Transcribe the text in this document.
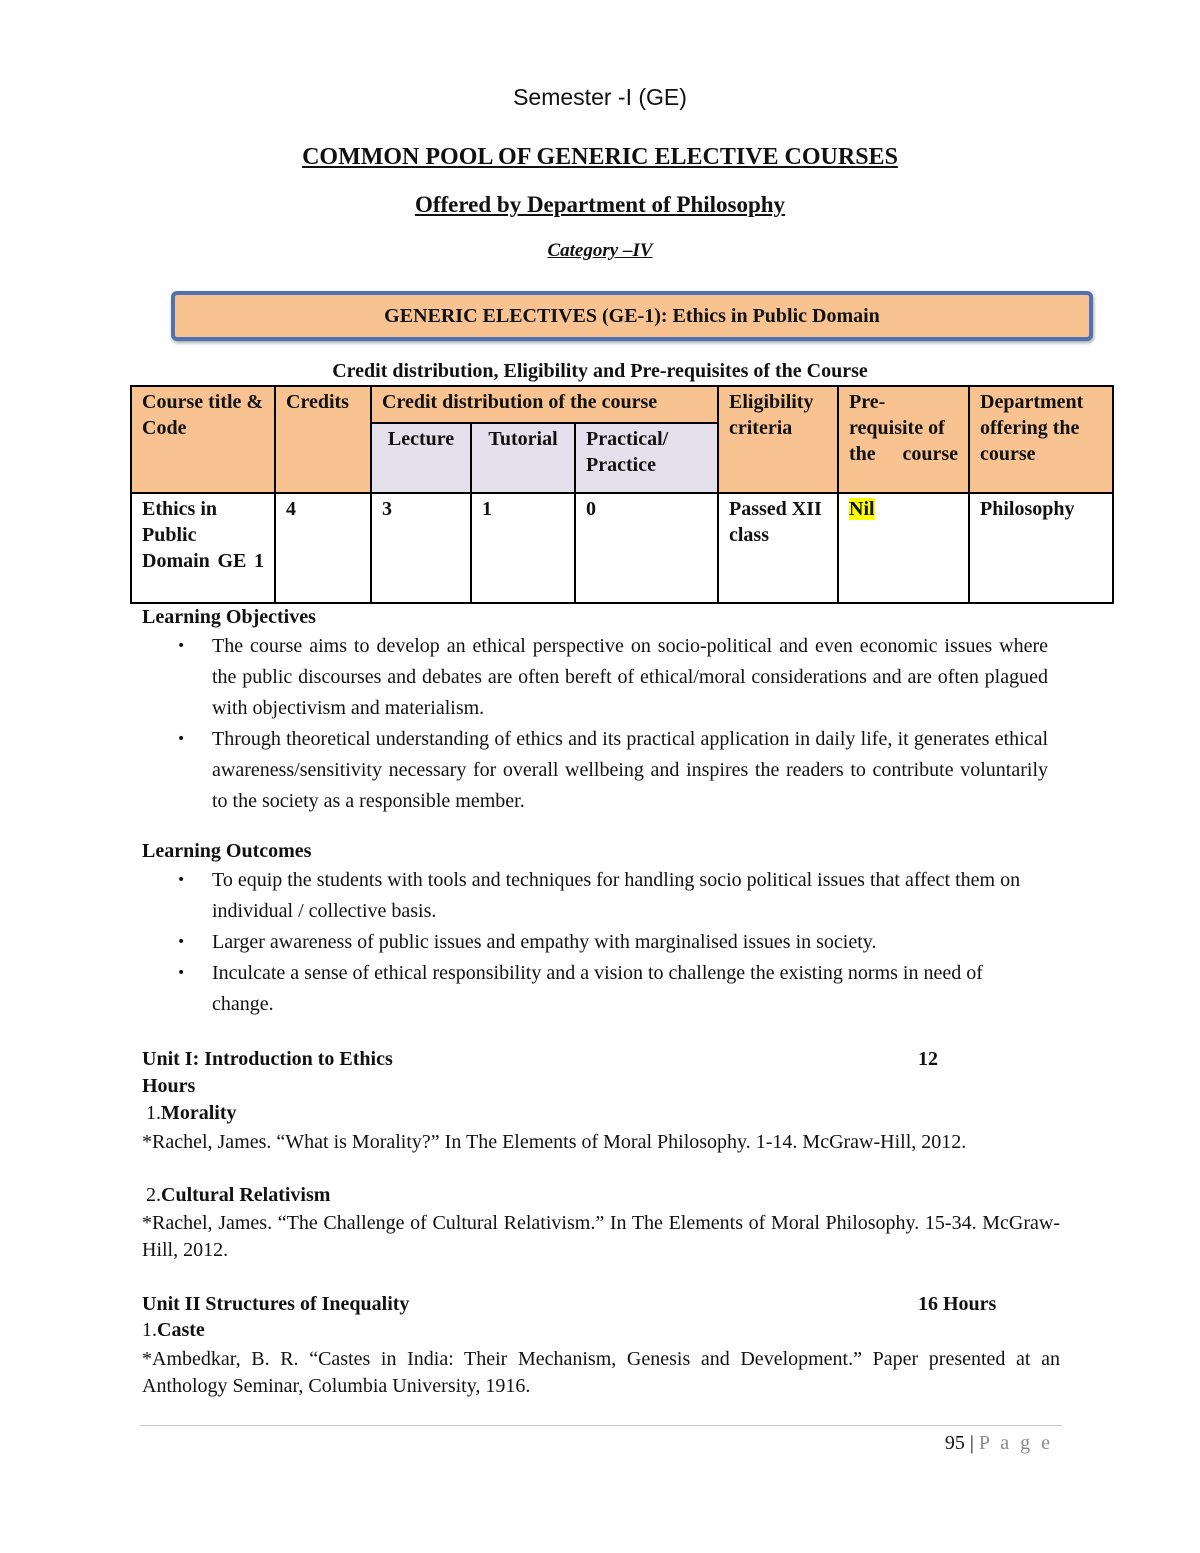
Semester -I (GE)
COMMON POOL OF GENERIC ELECTIVE COURSES
Offered by Department of Philosophy
Category –IV
GENERIC ELECTIVES (GE-1): Ethics in Public Domain
Credit distribution, Eligibility and Pre-requisites of the Course
Course title & Code	Credits	Credit distribution of the course			Eligibility criteria	Pre-requisite of the course	Department offering the course
		Lecture	Tutorial	Practical/ Practice			
Ethics in Public Domain GE 1	4	3	1	0	Passed XII class	Nil	Philosophy
Learning Objectives
• The course aims to develop an ethical perspective on socio-political and even economic issues where the public discourses and debates are often bereft of ethical/moral considerations and are often plagued with objectivism and materialism.
• Through theoretical understanding of ethics and its practical application in daily life, it generates ethical awareness/sensitivity necessary for overall wellbeing and inspires the readers to contribute voluntarily to the society as a responsible member.
Learning Outcomes
• To equip the students with tools and techniques for handling socio political issues that affect them on individual / collective basis.
• Larger awareness of public issues and empathy with marginalised issues in society.
• Inculcate a sense of ethical responsibility and a vision to challenge the existing norms in need of change.
Unit I: Introduction to Ethics	12
Hours
1.Morality
*Rachel, James. “What is Morality?” In The Elements of Moral Philosophy. 1-14. McGraw-Hill, 2012.
2.Cultural Relativism
*Rachel, James. “The Challenge of Cultural Relativism.” In The Elements of Moral Philosophy. 15-34. McGraw- Hill, 2012.
Unit II Structures of Inequality	16 Hours
1.Caste
*Ambedkar, B. R. “Castes in India: Their Mechanism, Genesis and Development.” Paper presented at an Anthology Seminar, Columbia University, 1916.
95 | P a g e
